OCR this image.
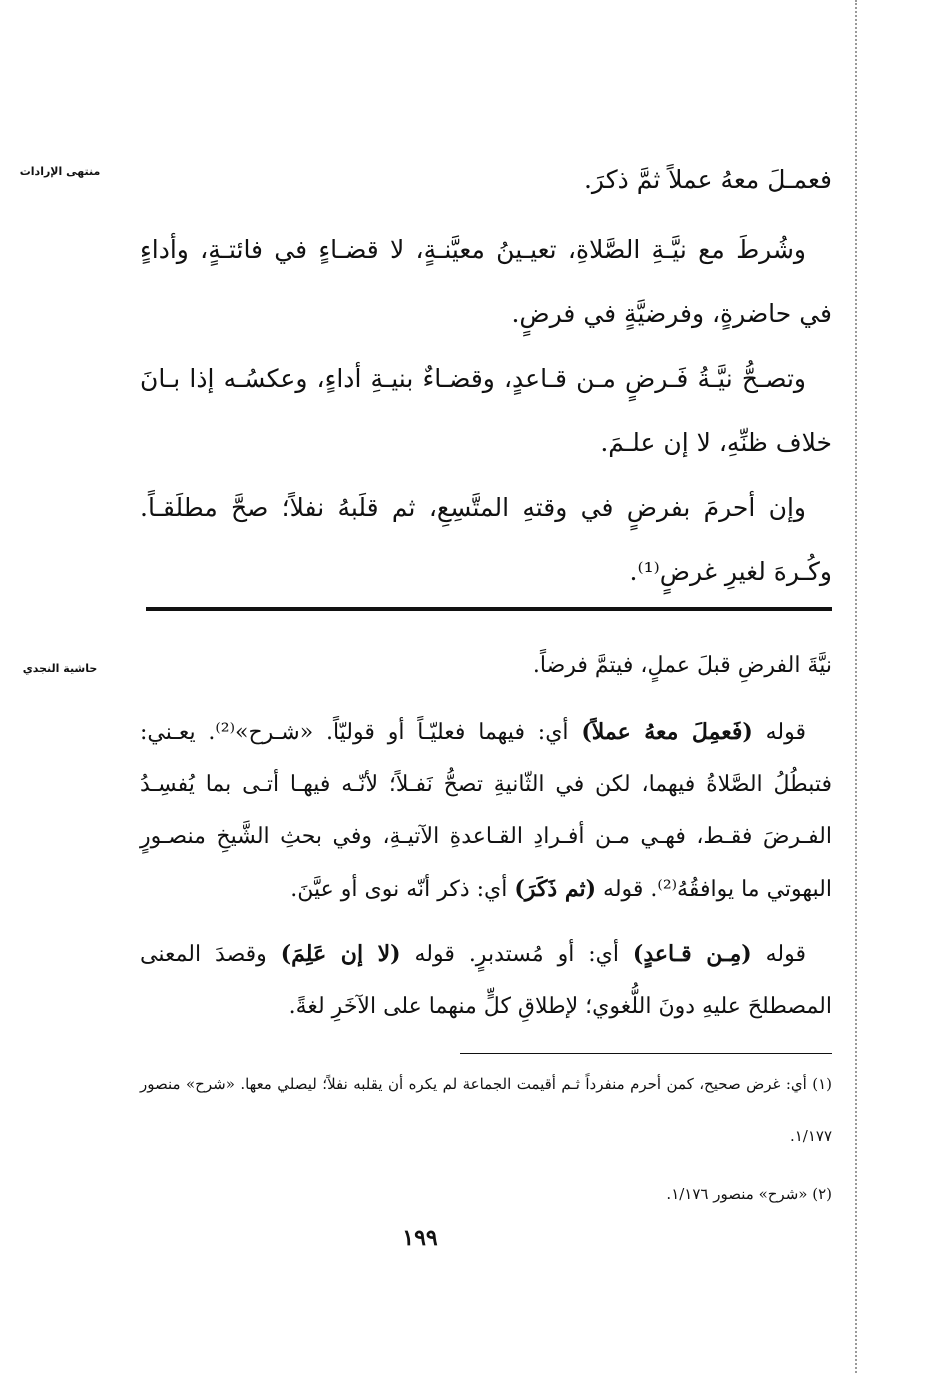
منتهى الإرادات
حاشية النجدي

فعمـلَ معهُ عملاً ثمَّ ذكرَ.

وشُرطَ مع نيَّـةِ الصَّلاةِ، تعيـينُ معيَّنـةٍ، لا قضـاءٍ في فائتـةٍ، وأداءٍ في حاضرةٍ، وفرضيَّةٍ في فرضٍ.

وتصـحُّ نيَّـةُ فَـرضٍ مـن قـاعدٍ، وقضـاءٌ بنيـةِ أداءٍ، وعكسُـه إذا بـانَ خلاف ظنِّهِ، لا إن علـمَ.

وإن أحرمَ بفرضٍ في وقتهِ المتَّسِعِ، ثم قلَبهُ نفلاً؛ صحَّ مطلَقـاً. وكُـرهَ لغيرِ غرضٍ⁽¹⁾.

نيَّةَ الفرضِ قبلَ عملٍ، فيتمَّ فرضاً.

قوله (فَعمِلَ معهُ عملاً) أي: فيهما فعليّـاً أو قوليّاً. «شـرح»⁽²⁾. يعـني: فتبطُلُ الصَّلاةُ فيهما، لكن في الثّانيةِ تصحُّ نَفـلاً؛ لأنّـه فيهـا أتـى بما يُفسِـدُ الفـرضَ فقـط، فهـي مـن أفـرادِ القـاعدةِ الآتيـةِ، وفي بحثِ الشَّيخِ منصـورٍ البهوتي ما يوافقُهُ⁽²⁾. قوله (ثم ذَكَرَ) أي: ذكر أنّه نوى أو عيَّنَ.

قوله (مِـن قـاعدٍ) أي: أو مُستدبرٍ. قوله (لا إن عَلِمَ) وقصدَ المعنى المصطلحَ عليهِ دونَ اللُّغوي؛ لإطلاقِ كلٍّ منهما على الآخَرِ لغةً.

(١) أي: غرض صحيح، كمن أحرم منفرداً ثـم أقيمت الجماعة لم يكره أن يقلبه نفلاً؛ ليصلي معها. «شرح» منصور ١/١٧٧.

(٢) «شرح» منصور ١/١٧٦.

١٩٩
